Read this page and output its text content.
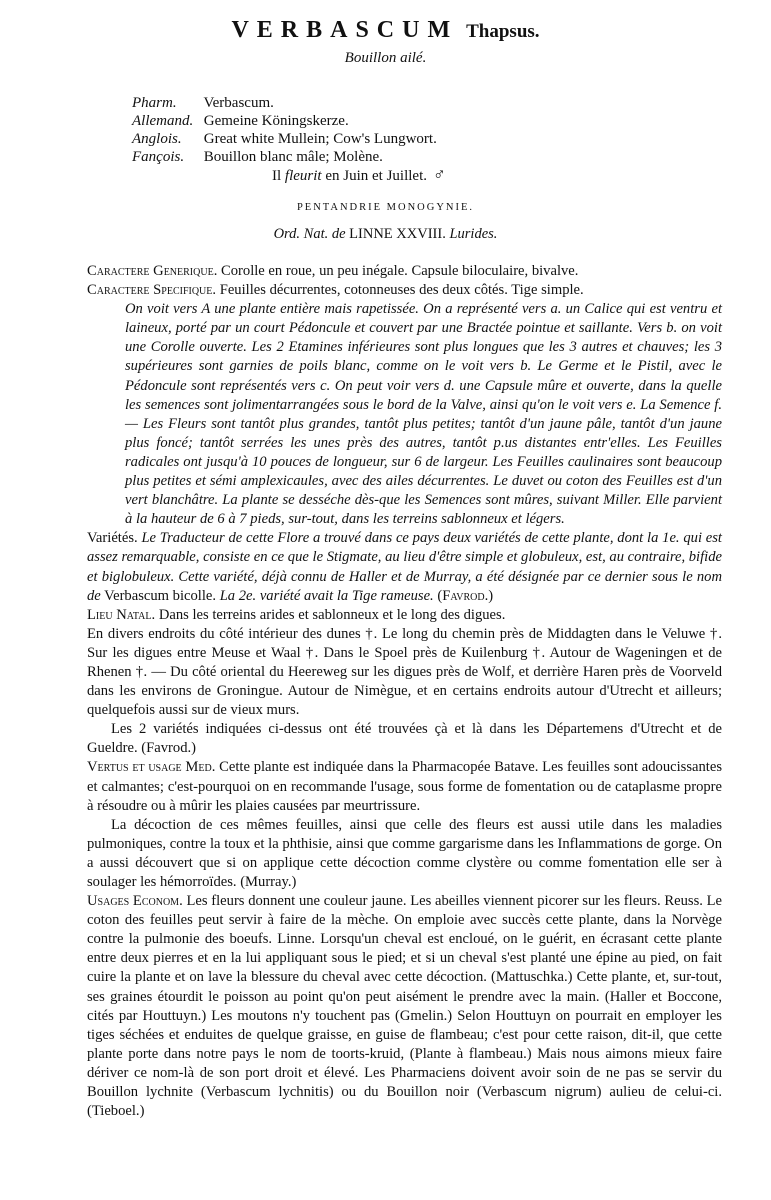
VERBASCUM Thapsus.
Bouillon ailé.
Pharm. Verbascum.
Allemand. Gemeine Köningskerze.
Anglois. Great white Mullein; Cow's Lungwort.
Fançois. Bouillon blanc mâle; Molène.
Il fleurit en Juin et Juillet. ♂
PENTANDRIE MONOGYNIE.
Ord. Nat. de LINNE XXVIII. Lurides.

Caractere Generique. Corolle en roue, un peu inégale. Capsule biloculaire, bivalve.

Caractere Specifique. Feuilles décurrentes, cotonneuses des deux côtés. Tige simple.

On voit vers A une plante entière mais rapetissée. On a représenté vers a. un Calice qui est ventru et laineux, porté par un court Pédoncule et couvert par une Bractée pointue et saillante. Vers b. on voit une Corolle ouverte. Les 2 Etamines inférieures sont plus longues que les 3 autres et chauves; les 3 supérieures sont garnies de poils blanc, comme on le voit vers b. Le Germe et le Pistil, avec le Pédoncule sont représentés vers c. On peut voir vers d. une Capsule mûre et ouverte, dans la quelle les semences sont jolimentarrangées sous le bord de la Valve, ainsi qu'on le voit vers e. La Semence f. — Les Fleurs sont tantôt plus grandes, tantôt plus petites; tantôt d'un jaune pâle, tantôt d'un jaune plus foncé; tantôt serrées les unes près des autres, tantôt p.us distantes entr'elles. Les Feuilles radicales ont jusqu'à 10 pouces de longueur, sur 6 de largeur. Les Feuilles caulinaires sont beaucoup plus petites et sémi amplexicaules, avec des ailes décurrentes. Le duvet ou coton des Feuilles est d'un vert blanchâtre. La plante se desséche dès-que les Semences sont mûres, suivant Miller. Elle parvient à la hauteur de 6 à 7 pieds, sur-tout, dans les terreins sablonneux et légers.

Variétés. Le Traducteur de cette Flore a trouvé dans ce pays deux variétés de cette plante, dont la 1e. qui est assez remarquable, consiste en ce que le Stigmate, au lieu d'être simple et globuleux, est, au contraire, bifide et biglobuleux. Cette variété, déjà connu de Haller et de Murray, a été désignée par ce dernier sous le nom de Verbascum bicolle. La 2e. variété avait la Tige rameuse. (Favrod.)

Lieu Natal. Dans les terreins arides et sablonneux et le long des digues.

En divers endroits du côté intérieur des dunes †. Le long du chemin près de Middagten dans le Veluwe †. Sur les digues entre Meuse et Waal †. Dans le Spoel près de Kuilenburg †. Autour de Wageningen et de Rhenen †. — Du côté oriental du Heereweg sur les digues près de Wolf, et derrière Haren près de Voorveld dans les environs de Groningue. Autour de Nimègue, et en certains endroits autour d'Utrecht et ailleurs; quelquefois aussi sur de vieux murs.

Les 2 variétés indiquées ci-dessus ont été trouvées çà et là dans les Départemens d'Utrecht et de Gueldre. (Favrod.)

Vertus et usage Med. Cette plante est indiquée dans la Pharmacopée Batave. Les feuilles sont adoucissantes et calmantes; c'est-pourquoi on en recommande l'usage, sous forme de fomentation ou de cataplasme propre à résoudre ou à mûrir les plaies causées par meurtrissure.

La décoction de ces mêmes feuilles, ainsi que celle des fleurs est aussi utile dans les maladies pulmoniques, contre la toux et la phthisie, ainsi que comme gargarisme dans les Inflammations de gorge. On a aussi découvert que si on applique cette décoction comme clystère ou comme fomentation elle ser à soulager les hémorroïdes. (Murray.)

Usages Econom. Les fleurs donnent une couleur jaune. Les abeilles viennent picorer sur les fleurs. Reuss. Le coton des feuilles peut servir à faire de la mèche. On emploie avec succès cette plante, dans la Norvège contre la pulmonie des boeufs. Linne. Lorsqu'un cheval est encloué, on le guérit, en écrasant cette plante entre deux pierres et en la lui appliquant sous le pied; et si un cheval s'est planté une épine au pied, on fait cuire la plante et on lave la blessure du cheval avec cette décoction. (Mattuschka.) Cette plante, et, sur-tout, ses graines étourdit le poisson au point qu'on peut aisément le prendre avec la main. (Haller et Boccone, cités par Houttuyn.) Les moutons n'y touchent pas (Gmelin.) Selon Houttuyn on pourrait en employer les tiges séchées et enduites de quelque graisse, en guise de flambeau; c'est pour cette raison, dit-il, que cette plante porte dans notre pays le nom de toorts-kruid, (Plante à flambeau.) Mais nous aimons mieux faire dériver ce nom-là de son port droit et élevé. Les Pharmaciens doivent avoir soin de ne pas se servir du Bouillon lychnite (Verbascum lychnitis) ou du Bouillon noir (Verbascum nigrum) aulieu de celui-ci. (Tieboel.)
